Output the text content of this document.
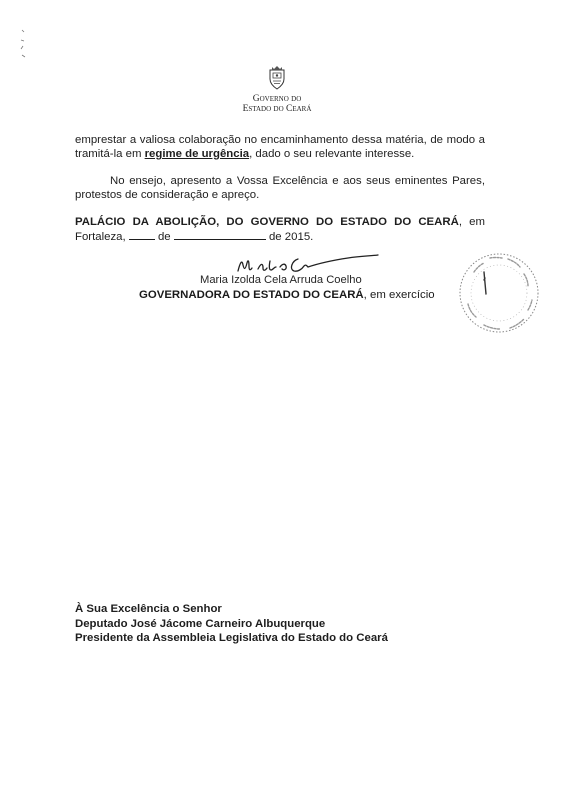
Governo do
Estado do Ceará
emprestar a valiosa colaboração no encaminhamento dessa matéria, de modo a tramitá-la em regime de urgência, dado o seu relevante interesse.
No ensejo, apresento a Vossa Excelência e aos seus eminentes Pares, protestos de consideração e apreço.
PALÁCIO DA ABOLIÇÃO, DO GOVERNO DO ESTADO DO CEARÁ, em Fortaleza,  de	de 2015.
Maria Izolda Cela Arruda Coelho
GOVERNADORA DO ESTADO DO CEARÁ, em exercício
À Sua Excelência o Senhor
Deputado José Jácome Carneiro Albuquerque
Presidente da Assembleia Legislativa do Estado do Ceará
